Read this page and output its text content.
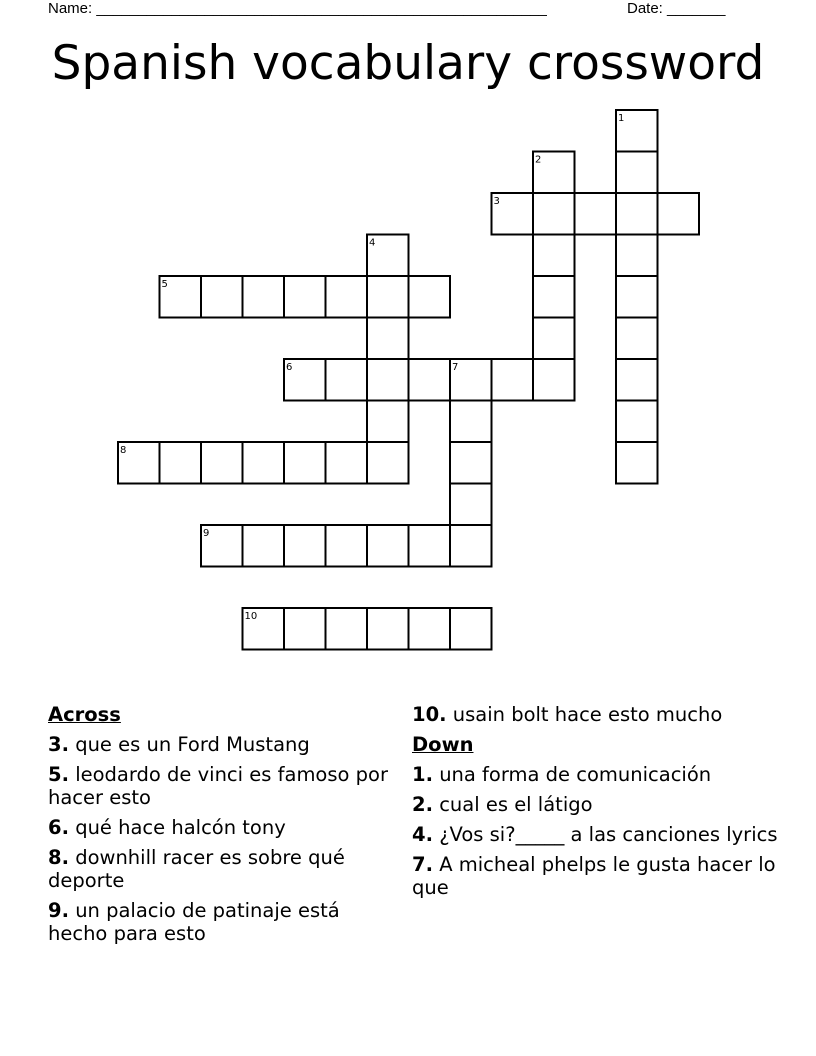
Name: ______________________________________________________	Date: _______
Spanish vocabulary crossword
1
2
3
4
5
6	7
8
9
10
Across
3. que es un Ford Mustang
5. leodardo de vinci es famoso por hacer esto
6. qué hace halcón tony
8. downhill racer es sobre qué deporte
9. un palacio de patinaje está hecho para esto
10. usain bolt hace esto mucho
Down
1. una forma de comunicación
2. cual es el látigo
4. ¿Vos si?_____ a las canciones lyrics
7. A micheal phelps le gusta hacer lo que
